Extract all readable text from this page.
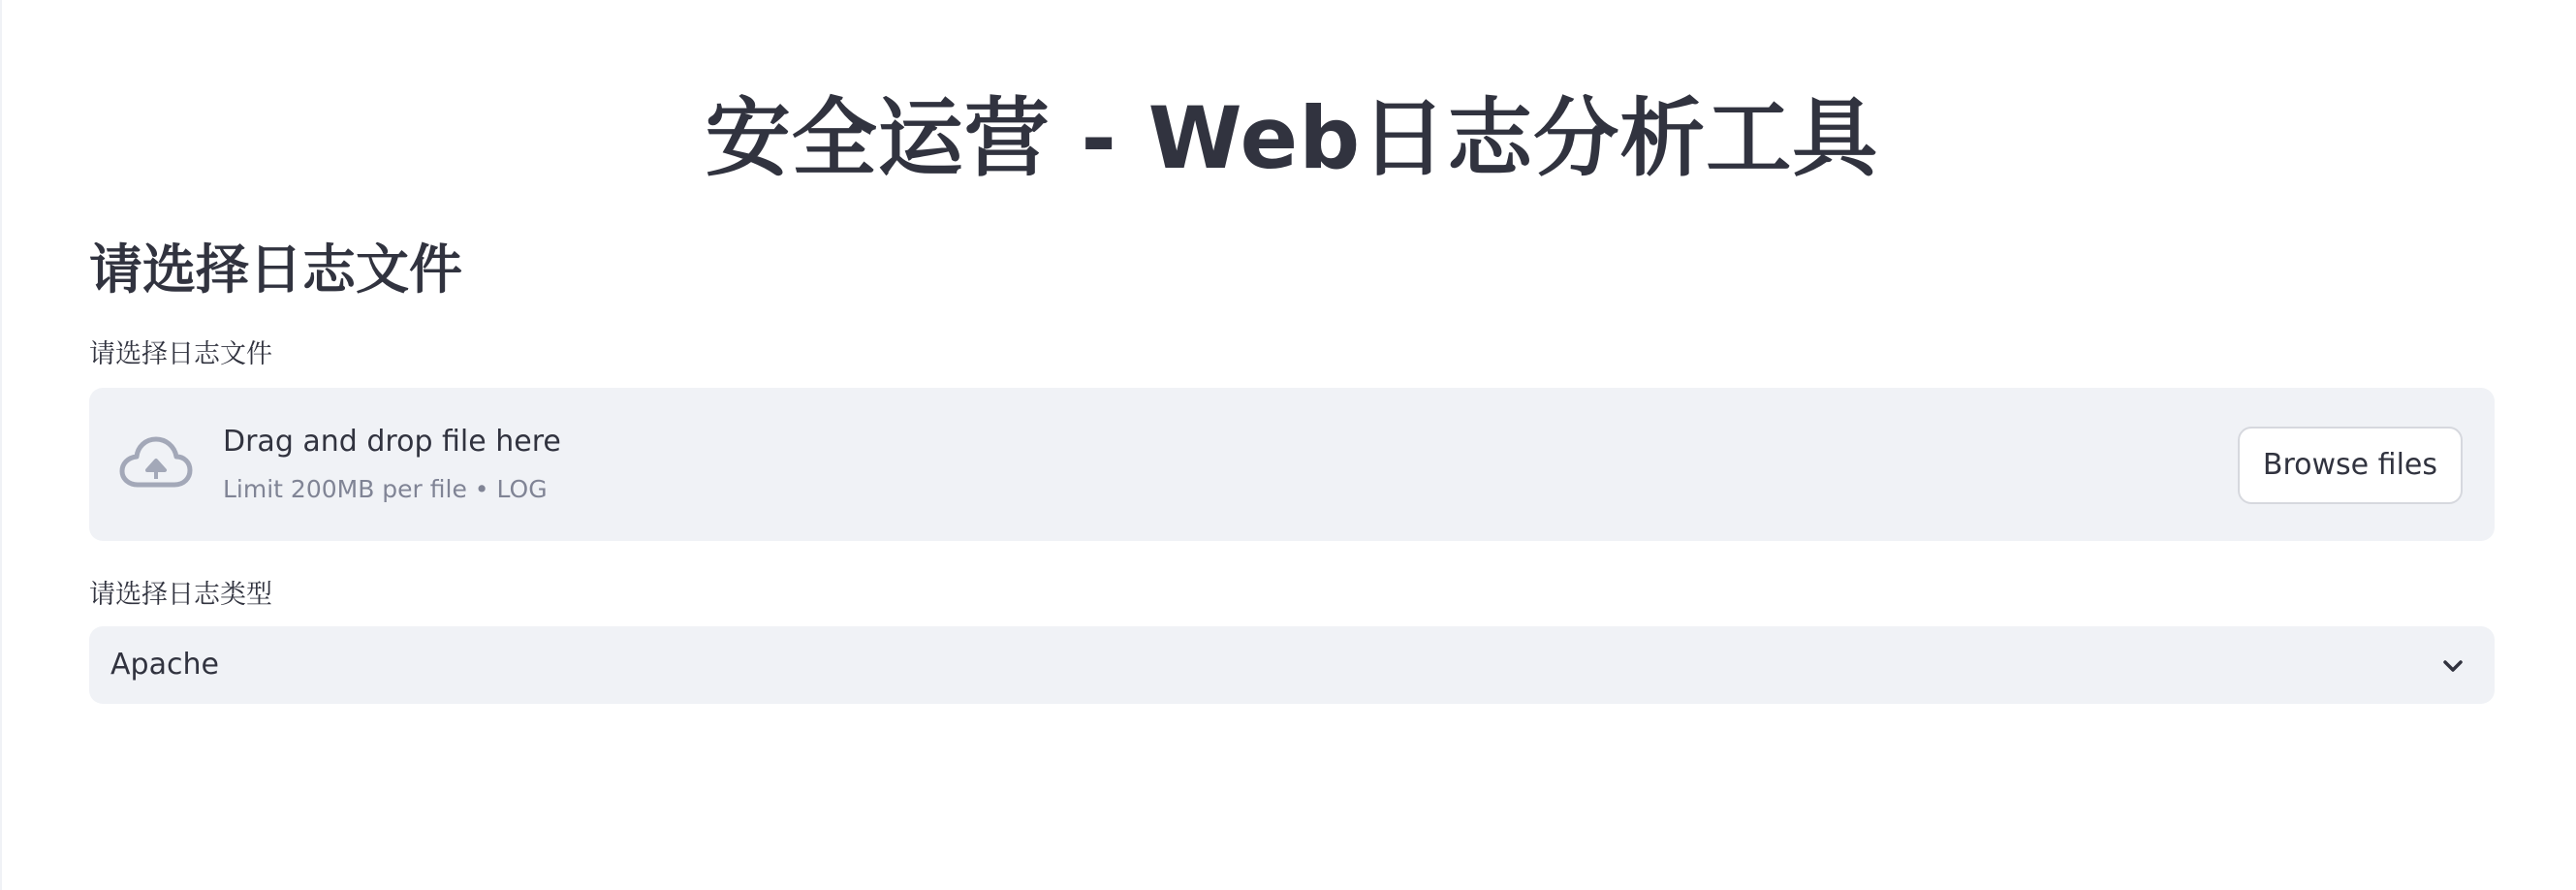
安全运营 - Web日志分析工具
请选择日志文件
请选择日志文件
Drag and drop file here
Limit 200MB per file • LOG
Browse files
请选择日志类型
Apache
